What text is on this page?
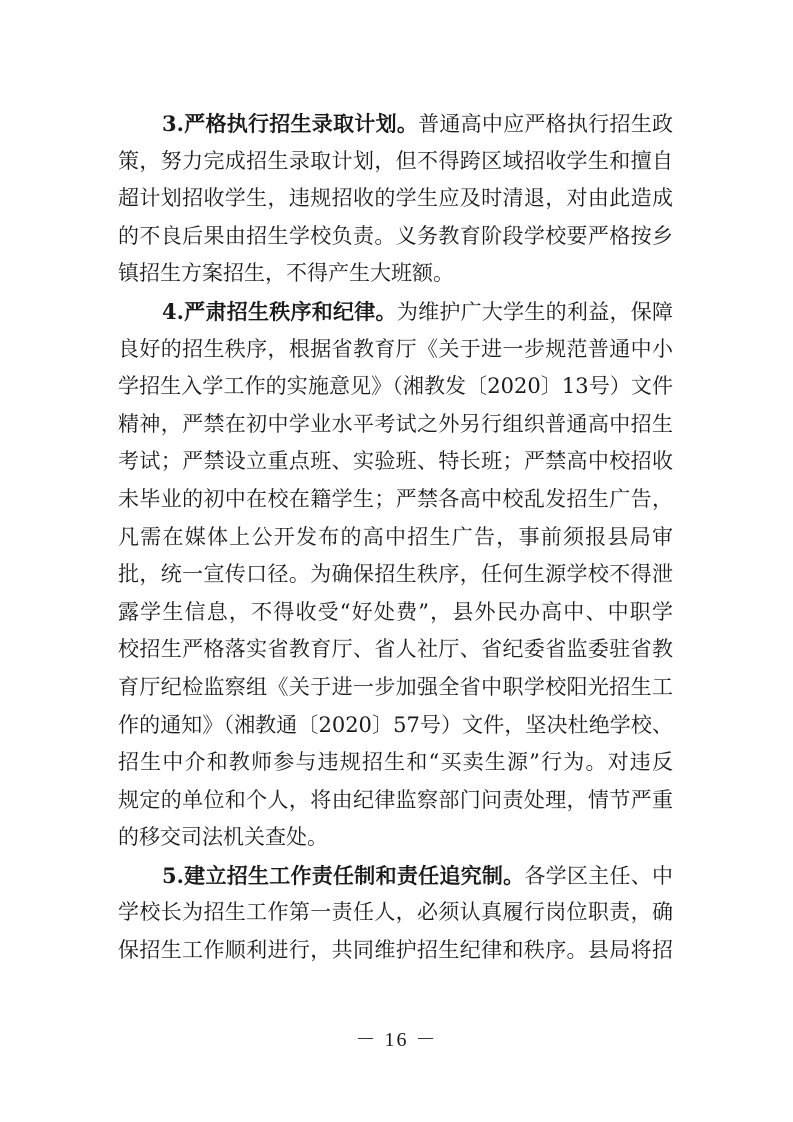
3.严格执行招生录取计划。普通高中应严格执行招生政
策，努力完成招生录取计划，但不得跨区域招收学生和擅自
超计划招收学生，违规招收的学生应及时清退，对由此造成
的不良后果由招生学校负责。义务教育阶段学校要严格按乡
镇招生方案招生，不得产生大班额。
4.严肃招生秩序和纪律。为维护广大学生的利益，保障
良好的招生秩序，根据省教育厅《关于进一步规范普通中小
学招生入学工作的实施意见》（湘教发〔2020〕13号）文件
精神，严禁在初中学业水平考试之外另行组织普通高中招生
考试；严禁设立重点班、实验班、特长班；严禁高中校招收
未毕业的初中在校在籍学生；严禁各高中校乱发招生广告，
凡需在媒体上公开发布的高中招生广告，事前须报县局审
批，统一宣传口径。为确保招生秩序，任何生源学校不得泄
露学生信息，不得收受“好处费”，县外民办高中、中职学
校招生严格落实省教育厅、省人社厅、省纪委省监委驻省教
育厅纪检监察组《关于进一步加强全省中职学校阳光招生工
作的通知》（湘教通〔2020〕57号）文件，坚决杜绝学校、
招生中介和教师参与违规招生和“买卖生源”行为。对违反
规定的单位和个人，将由纪律监察部门问责处理，情节严重
的移交司法机关查处。
5.建立招生工作责任制和责任追究制。各学区主任、中
学校长为招生工作第一责任人，必须认真履行岗位职责，确
保招生工作顺利进行，共同维护招生纪律和秩序。县局将招
－ 16 －
